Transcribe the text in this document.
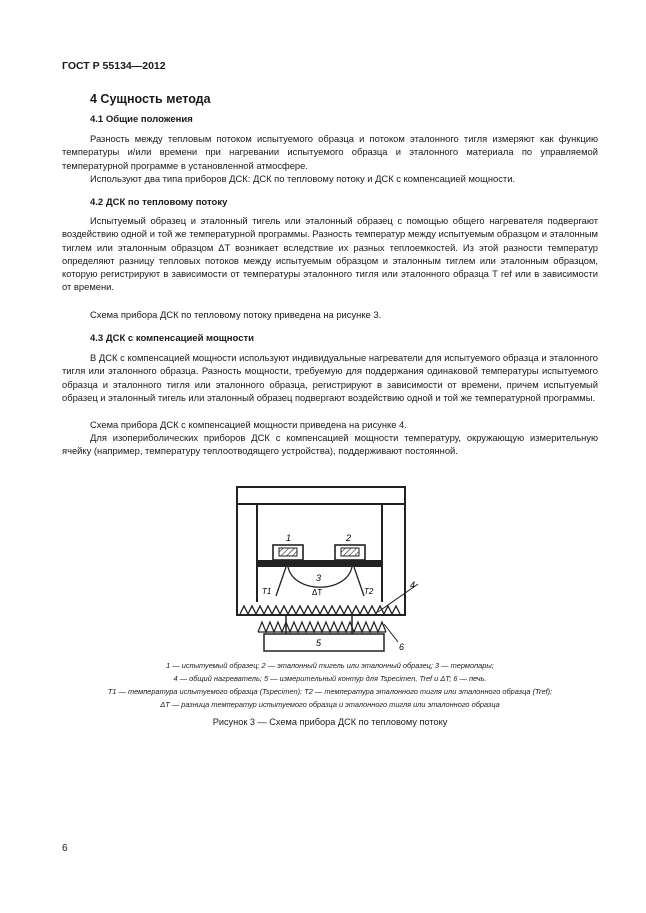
ГОСТ Р 55134—2012
4 Сущность метода
4.1 Общие положения
Разность между тепловым потоком испытуемого образца и потоком эталонного тигля измеряют как функцию температуры и/или времени при нагревании испытуемого образца и эталонного материала по управляемой температурной программе в установленной атмосфере.
Используют два типа приборов ДСК: ДСК по тепловому потоку и ДСК с компенсацией мощности.
4.2 ДСК по тепловому потоку
Испытуемый образец и эталонный тигель или эталонный образец с помощью общего нагревателя подвергают воздействию одной и той же температурной программы. Разность температур между испытуемым образцом и эталонным тиглем или эталонным образцом ΔT возникает вследствие их разных теплоемкостей. Из этой разности температур определяют разницу тепловых потоков между испытуемым образцом и эталонным тиглем или эталонным образцом, которую регистрируют в зависимости от температуры эталонного тигля или эталонного образца T ref или в зависимости от времени.
Схема прибора ДСК по тепловому потоку приведена на рисунке 3.
4.3 ДСК с компенсацией мощности
В ДСК с компенсацией мощности используют индивидуальные нагреватели для испытуемого образца и эталонного тигля или эталонного образца. Разность мощности, требуемую для поддержания одинаковой температуры испытуемого образца и эталонного тигля или эталонного образца, регистрируют в зависимости от времени, причем испытуемый образец и эталонный тигель или эталонный образец подвергают воздействию одной и той же температурной программы.
Схема прибора ДСК с компенсацией мощности приведена на рисунке 4.
Для изопериболических приборов ДСК с компенсацией мощности температуру, окружающую измерительную ячейку (например, температуру теплоотводящего устройства), поддерживают постоянной.
1	2
3
4
5	6
T1	T2
ΔT
1 — испытуемый образец; 2 — эталонный тигель или эталонный образец; 3 — термопары;
4 — общий нагреватель; 5 — измерительный контур для Tspecimen, Tref и ΔT; 6 — печь.
T1 — температура испытуемого образца (Tspecimen); T2 — температура эталонного тигля или эталонного образца (Tref);
ΔT — разница температур испытуемого образца и эталонного тигля или эталонного образца
Рисунок 3 — Схема прибора ДСК по тепловому потоку
6
